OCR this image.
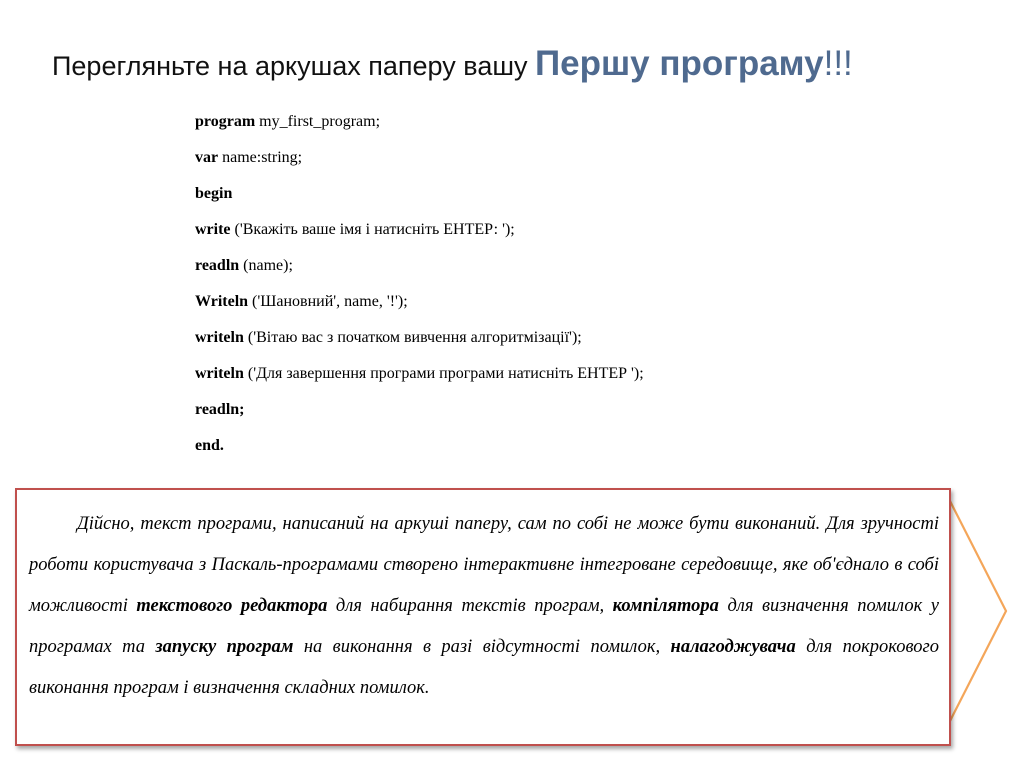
Перегляньте на аркушах паперу вашу Першу програму!!!
program my_first_program;
var name:string;
begin
write ('Вкажіть ваше імя і натисніть ЕНТЕР: ');
readln (name);
Writeln ('Шановний', name, '!');
writeln ('Вітаю вас з початком вивчення алгоритмізації');
writeln ('Для завершення програми програми натисніть ЕНТЕР ');
readln;
end.

Дійсно, текст програми, написаний на аркуші паперу, сам по собі не може бути виконаний. Для зручності роботи користувача з Паскаль-програмами створено інтерактивне інтегроване середовище, яке об'єднало в собі можливості текстового редактора для набирання текстів програм, компілятора для визначення помилок у програмах та запуску програм на виконання в разі відсутності помилок, налагоджувача для покрокового виконання програм і визначення складних помилок.
